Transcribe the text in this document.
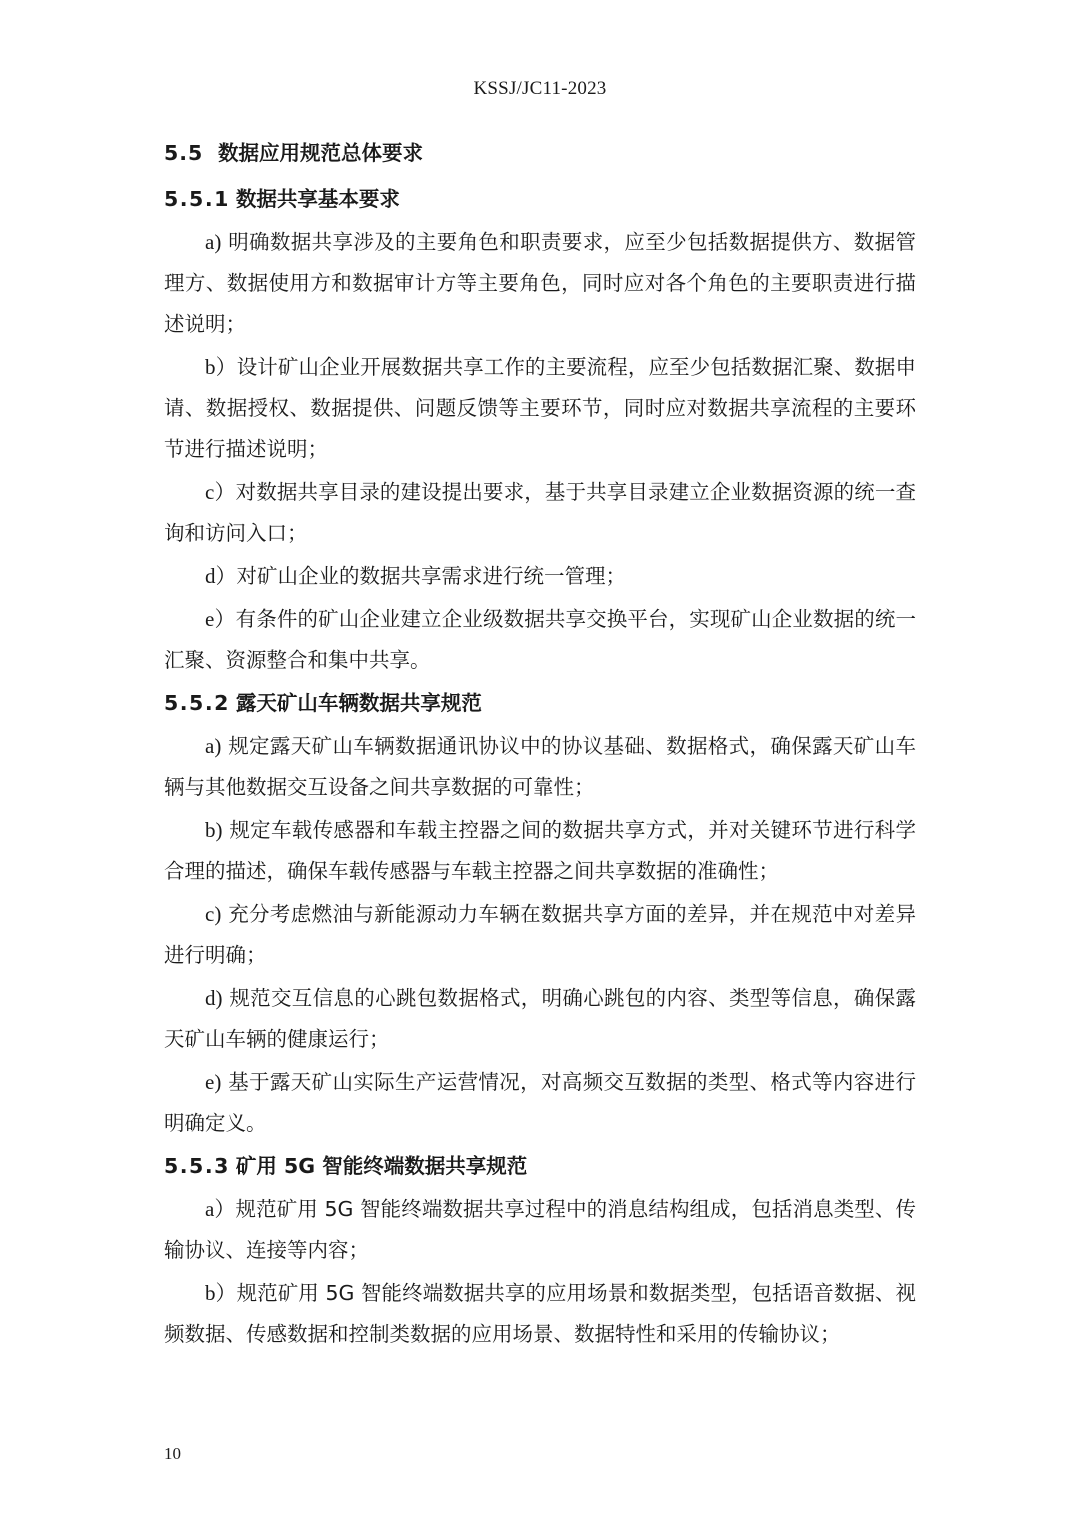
KSSJ/JC11-2023
5.5 数据应用规范总体要求
5.5.1 数据共享基本要求
a) 明确数据共享涉及的主要角色和职责要求，应至少包括数据提供方、数据管理方、数据使用方和数据审计方等主要角色，同时应对各个角色的主要职责进行描述说明；
b）设计矿山企业开展数据共享工作的主要流程，应至少包括数据汇聚、数据申请、数据授权、数据提供、问题反馈等主要环节，同时应对数据共享流程的主要环节进行描述说明；
c）对数据共享目录的建设提出要求，基于共享目录建立企业数据资源的统一查询和访问入口；
d）对矿山企业的数据共享需求进行统一管理；
e）有条件的矿山企业建立企业级数据共享交换平台，实现矿山企业数据的统一汇聚、资源整合和集中共享。
5.5.2 露天矿山车辆数据共享规范
a) 规定露天矿山车辆数据通讯协议中的协议基础、数据格式，确保露天矿山车辆与其他数据交互设备之间共享数据的可靠性；
b) 规定车载传感器和车载主控器之间的数据共享方式，并对关键环节进行科学合理的描述，确保车载传感器与车载主控器之间共享数据的准确性；
c) 充分考虑燃油与新能源动力车辆在数据共享方面的差异，并在规范中对差异进行明确；
d) 规范交互信息的心跳包数据格式，明确心跳包的内容、类型等信息，确保露天矿山车辆的健康运行；
e) 基于露天矿山实际生产运营情况，对高频交互数据的类型、格式等内容进行明确定义。
5.5.3 矿用 5G 智能终端数据共享规范
a）规范矿用 5G 智能终端数据共享过程中的消息结构组成，包括消息类型、传输协议、连接等内容；
b）规范矿用 5G 智能终端数据共享的应用场景和数据类型，包括语音数据、视频数据、传感数据和控制类数据的应用场景、数据特性和采用的传输协议；
10
